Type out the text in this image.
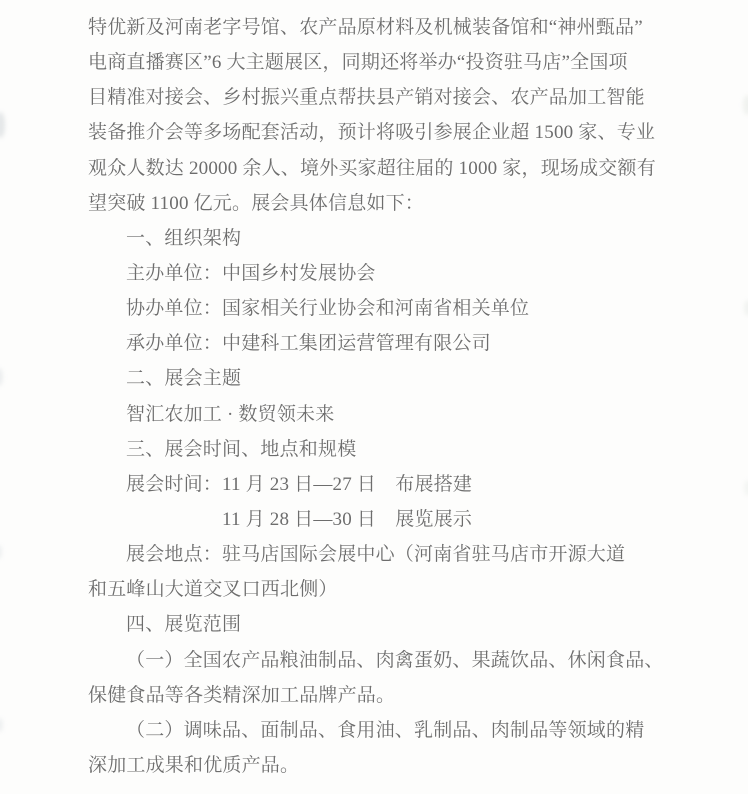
特优新及河南老字号馆、农产品原材料及机械装备馆和“神州甄品”
电商直播赛区”6 大主题展区，同期还将举办“投资驻马店”全国项
目精准对接会、乡村振兴重点帮扶县产销对接会、农产品加工智能
装备推介会等多场配套活动，预计将吸引参展企业超 1500 家、专业
观众人数达 20000 余人、境外买家超往届的 1000 家，现场成交额有
望突破 1100 亿元。展会具体信息如下：
一、组织架构
主办单位：中国乡村发展协会
协办单位：国家相关行业协会和河南省相关单位
承办单位：中建科工集团运营管理有限公司
二、展会主题
智汇农加工 · 数贸领未来
三、展会时间、地点和规模
展会时间：11 月 23 日—27 日　布展搭建
11 月 28 日—30 日　展览展示
展会地点：驻马店国际会展中心（河南省驻马店市开源大道
和五峰山大道交叉口西北侧）
四、展览范围
（一）全国农产品粮油制品、肉禽蛋奶、果蔬饮品、休闲食品、
保健食品等各类精深加工品牌产品。
（二）调味品、面制品、食用油、乳制品、肉制品等领域的精
深加工成果和优质产品。
